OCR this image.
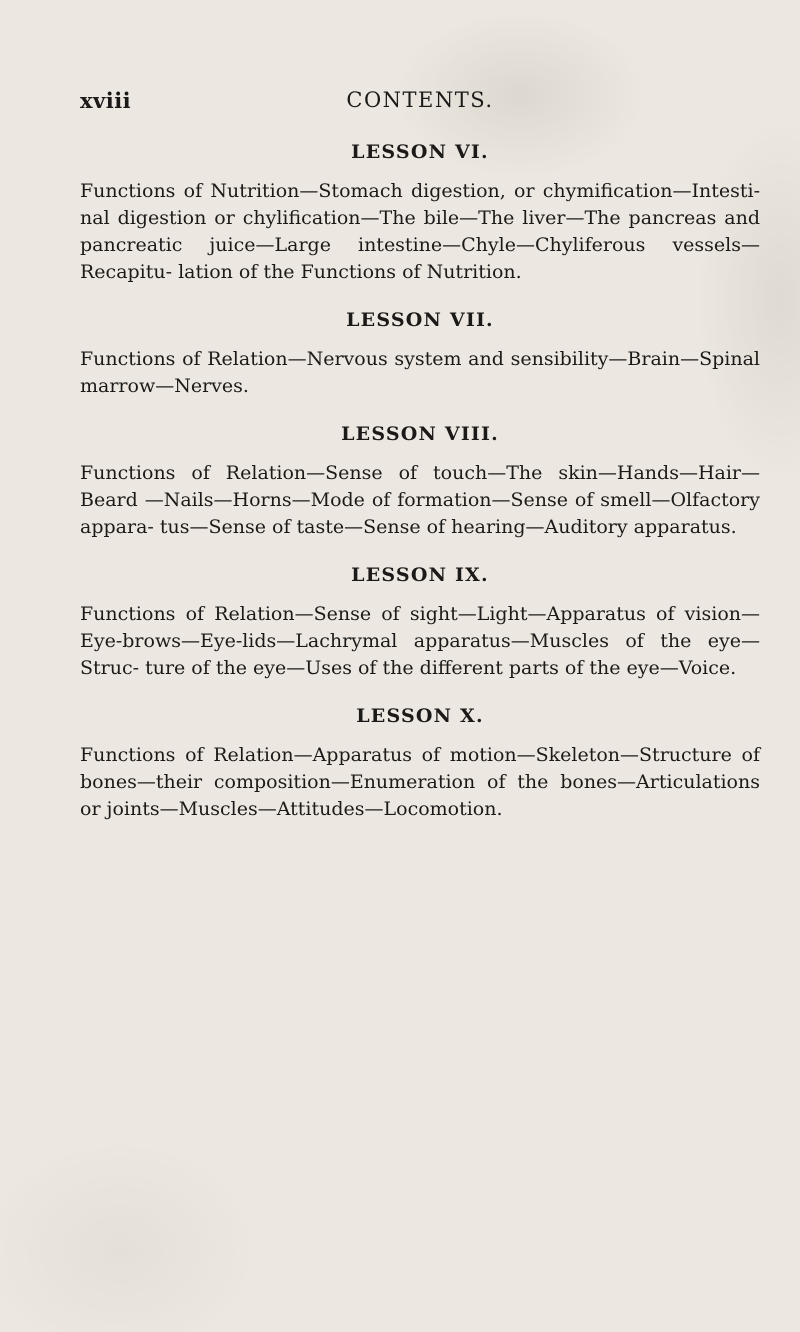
xviii	CONTENTS.
LESSON VI.

Functions of Nutrition—Stomach digestion, or chymification—Intesti- nal digestion or chylification—The bile—The liver—The pancreas and pancreatic juice—Large intestine—Chyle—Chyliferous vessels—Recapitu- lation of the Functions of Nutrition.

LESSON VII.

Functions of Relation—Nervous system and sensibility—Brain—Spinal marrow—Nerves.

LESSON VIII.

Functions of Relation—Sense of touch—The skin—Hands—Hair—Beard —Nails—Horns—Mode of formation—Sense of smell—Olfactory appara- tus—Sense of taste—Sense of hearing—Auditory apparatus.

LESSON IX.

Functions of Relation—Sense of sight—Light—Apparatus of vision— Eye-brows—Eye-lids—Lachrymal apparatus—Muscles of the eye—Struc- ture of the eye—Uses of the different parts of the eye—Voice.

LESSON X.

Functions of Relation—Apparatus of motion—Skeleton—Structure of bones—their composition—Enumeration of the bones—Articulations or joints—Muscles—Attitudes—Locomotion.
